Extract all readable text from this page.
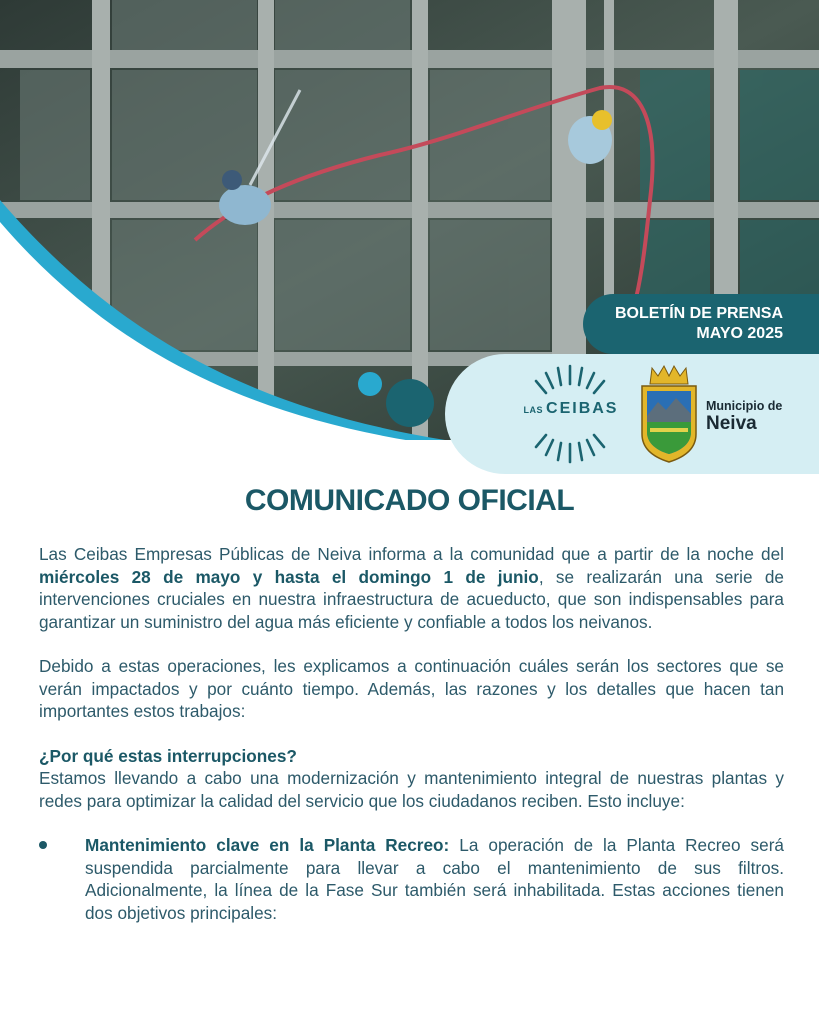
BOLETÍN DE PRENSA
MAYO 2025
LAS CEIBAS	Municipio de
Neiva
COMUNICADO OFICIAL

Las Ceibas Empresas Públicas de Neiva informa a la comunidad que a partir de la noche del miércoles 28 de mayo y hasta el domingo 1 de junio, se realizarán una serie de intervenciones cruciales en nuestra infraestructura de acueducto, que son indispensables para garantizar un suministro del agua más eficiente y confiable a todos los neivanos.

Debido a estas operaciones, les explicamos a continuación cuáles serán los sectores que se verán impactados y por cuánto tiempo. Además, las razones y los detalles que hacen tan importantes estos trabajos:

¿Por qué estas interrupciones?

Estamos llevando a cabo una modernización y mantenimiento integral de nuestras plantas y redes para optimizar la calidad del servicio que los ciudadanos reciben. Esto incluye:

Mantenimiento clave en la Planta Recreo: La operación de la Planta Recreo será suspendida parcialmente para llevar a cabo el mantenimiento de sus filtros. Adicionalmente, la línea de la Fase Sur también será inhabilitada. Estas acciones tienen dos objetivos principales:
